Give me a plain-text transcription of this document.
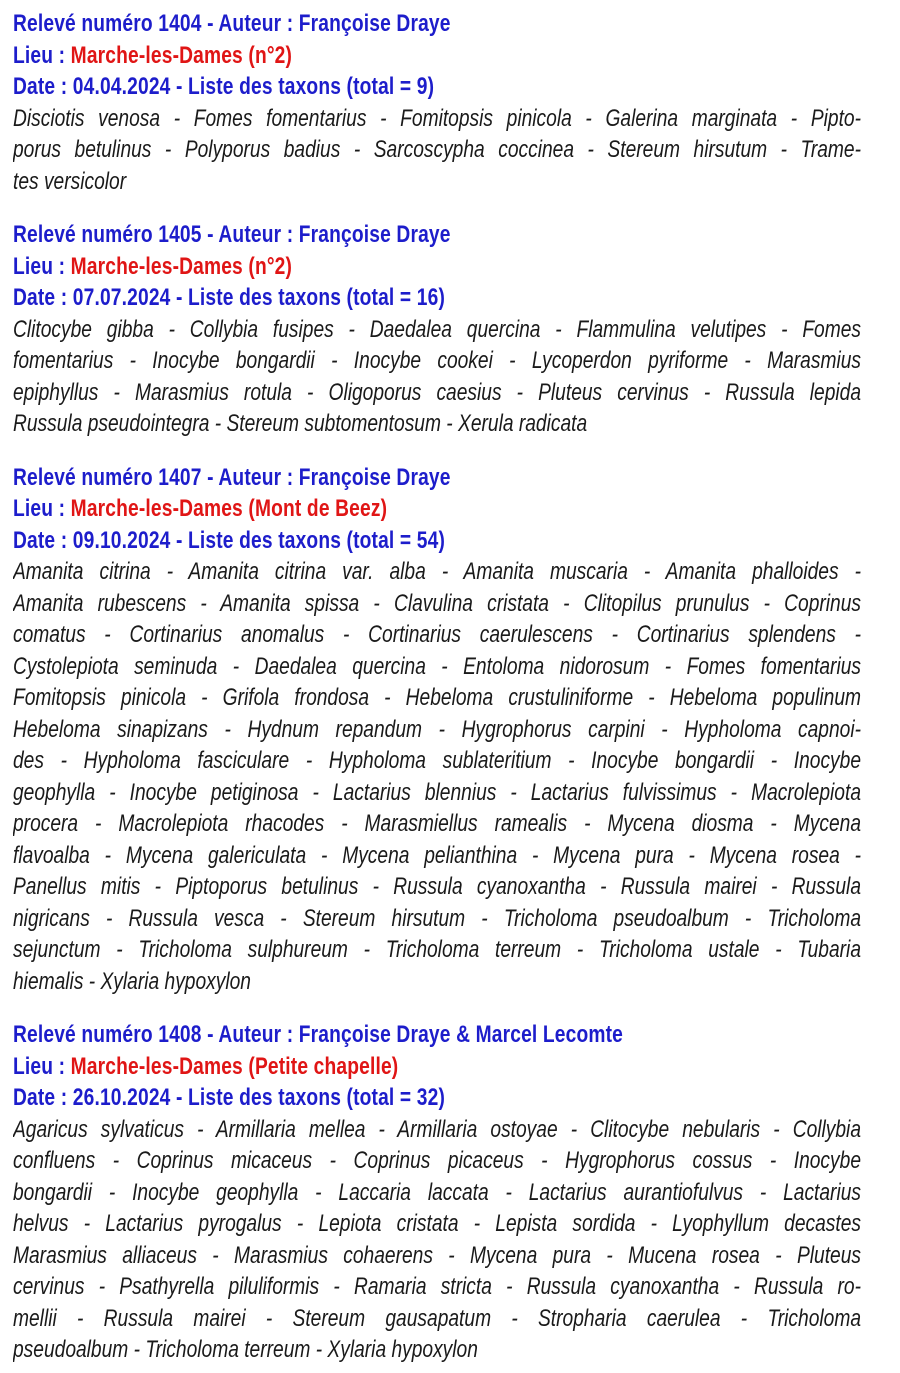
Relevé numéro 1404 - Auteur : Françoise Draye
Lieu : Marche-les-Dames (n°2)
Date : 04.04.2024 - Liste des taxons (total = 9)
Disciotis venosa - Fomes fomentarius - Fomitopsis pinicola - Galerina marginata - Pipto-
porus betulinus - Polyporus badius - Sarcoscypha coccinea - Stereum hirsutum - Trame-
tes versicolor
Relevé numéro 1405 - Auteur : Françoise Draye
Lieu : Marche-les-Dames (n°2)
Date : 07.07.2024 - Liste des taxons (total = 16)
Clitocybe gibba - Collybia fusipes - Daedalea quercina - Flammulina velutipes - Fomes
fomentarius - Inocybe bongardii - Inocybe cookei - Lycoperdon pyriforme - Marasmius
epiphyllus - Marasmius rotula - Oligoporus caesius - Pluteus cervinus - Russula lepida
Russula pseudointegra - Stereum subtomentosum - Xerula radicata
Relevé numéro 1407 - Auteur : Françoise Draye
Lieu : Marche-les-Dames (Mont de Beez)
Date : 09.10.2024 - Liste des taxons (total = 54)
Amanita citrina - Amanita citrina var. alba - Amanita muscaria - Amanita phalloides -
Amanita rubescens - Amanita spissa - Clavulina cristata - Clitopilus prunulus - Coprinus
comatus - Cortinarius anomalus - Cortinarius caerulescens - Cortinarius splendens -
Cystolepiota seminuda - Daedalea quercina - Entoloma nidorosum - Fomes fomentarius
Fomitopsis pinicola - Grifola frondosa - Hebeloma crustuliniforme - Hebeloma populinum
Hebeloma sinapizans - Hydnum repandum - Hygrophorus carpini - Hypholoma capnoi-
des - Hypholoma fasciculare - Hypholoma sublateritium - Inocybe bongardii - Inocybe
geophylla - Inocybe petiginosa - Lactarius blennius - Lactarius fulvissimus - Macrolepiota
procera - Macrolepiota rhacodes - Marasmiellus ramealis - Mycena diosma - Mycena
flavoalba - Mycena galericulata - Mycena pelianthina - Mycena pura - Mycena rosea -
Panellus mitis - Piptoporus betulinus - Russula cyanoxantha - Russula mairei - Russula
nigricans - Russula vesca - Stereum hirsutum - Tricholoma pseudoalbum - Tricholoma
sejunctum - Tricholoma sulphureum - Tricholoma terreum - Tricholoma ustale - Tubaria
hiemalis - Xylaria hypoxylon
Relevé numéro 1408 - Auteur : Françoise Draye & Marcel Lecomte
Lieu : Marche-les-Dames (Petite chapelle)
Date : 26.10.2024 - Liste des taxons (total = 32)
Agaricus sylvaticus - Armillaria mellea - Armillaria ostoyae - Clitocybe nebularis - Collybia
confluens - Coprinus micaceus - Coprinus picaceus - Hygrophorus cossus - Inocybe
bongardii - Inocybe geophylla - Laccaria laccata - Lactarius aurantiofulvus - Lactarius
helvus - Lactarius pyrogalus - Lepiota cristata - Lepista sordida - Lyophyllum decastes
Marasmius alliaceus - Marasmius cohaerens - Mycena pura - Mucena rosea - Pluteus
cervinus - Psathyrella piluliformis - Ramaria stricta - Russula cyanoxantha - Russula ro-
mellii - Russula mairei - Stereum gausapatum - Stropharia caerulea - Tricholoma
pseudoalbum - Tricholoma terreum - Xylaria hypoxylon
